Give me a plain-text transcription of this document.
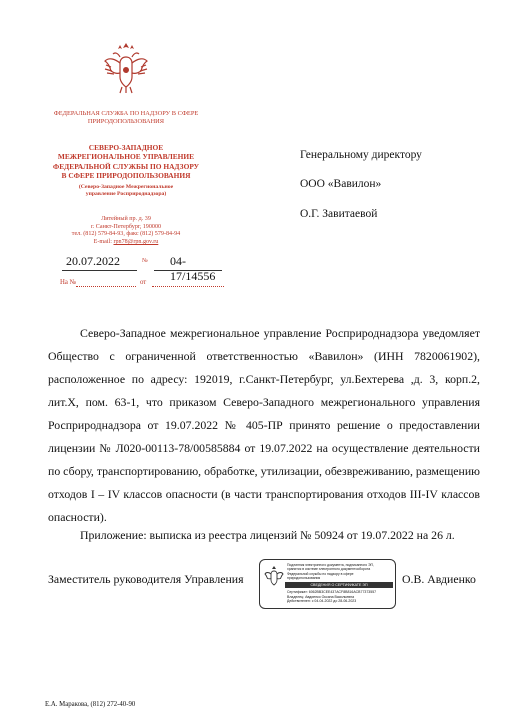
ФЕДЕРАЛЬНАЯ СЛУЖБА ПО НАДЗОРУ В СФЕРЕ ПРИРОДОПОЛЬЗОВАНИЯ
СЕВЕРО-ЗАПАДНОЕ
МЕЖРЕГИОНАЛЬНОЕ УПРАВЛЕНИЕ
ФЕДЕРАЛЬНОЙ СЛУЖБЫ ПО НАДЗОРУ
В СФЕРЕ ПРИРОДОПОЛЬЗОВАНИЯ
(Северо-Западное Межрегиональное
управление Росприроднадзора)
Литейный пр. д. 39
г. Санкт-Петербург, 190000
тел. (812) 579-84-93, факс (812) 579-84-94
E-mail: rpn78@rpn.gov.ru
20.07.2022	№ 04-17/14556
На №	от
Генеральному директору
ООО «Вавилон»
О.Г. Завитаевой
Северо-Западное межрегиональное управление Росприроднадзора уведомляет Общество с ограниченной ответственностью «Вавилон» (ИНН 7820061902), расположенное по адресу: 192019, г.Санкт-Петербург, ул.Бехтерева ,д. 3, корп.2, лит.Х, пом. 63-1, что приказом Северо-Западного межрегионального управления Росприроднадзора от 19.07.2022 № 405-ПР принято решение о предоставлении лицензии № Л020-00113-78/00585884 от 19.07.2022 на осуществление деятельности по сбору, транспортированию, обработке, утилизации, обезвреживанию, размещению отходов I – IV классов опасности (в части транспортирования отходов III-IV классов опасности).
Приложение: выписка из реестра лицензий № 50924 от 19.07.2022 на 26 л.
Заместитель руководителя Управления
Подлинник электронного документа, подписанного ЭП,
хранится в системе электронного документооборота
Федеральной службы по надзору в сфере
природопользования
СВЕДЕНИЯ О СЕРТИФИКАТЕ ЭП
Сертификат: 6062BB3CEE437ACF8B816ACB77373557
Владелец: Авдиенко Оксана Васильевна
Действителен: с 04-04-2022 до 28-06-2023
О.В. Авдиенко
Е.А. Маракова, (812) 272-40-90
